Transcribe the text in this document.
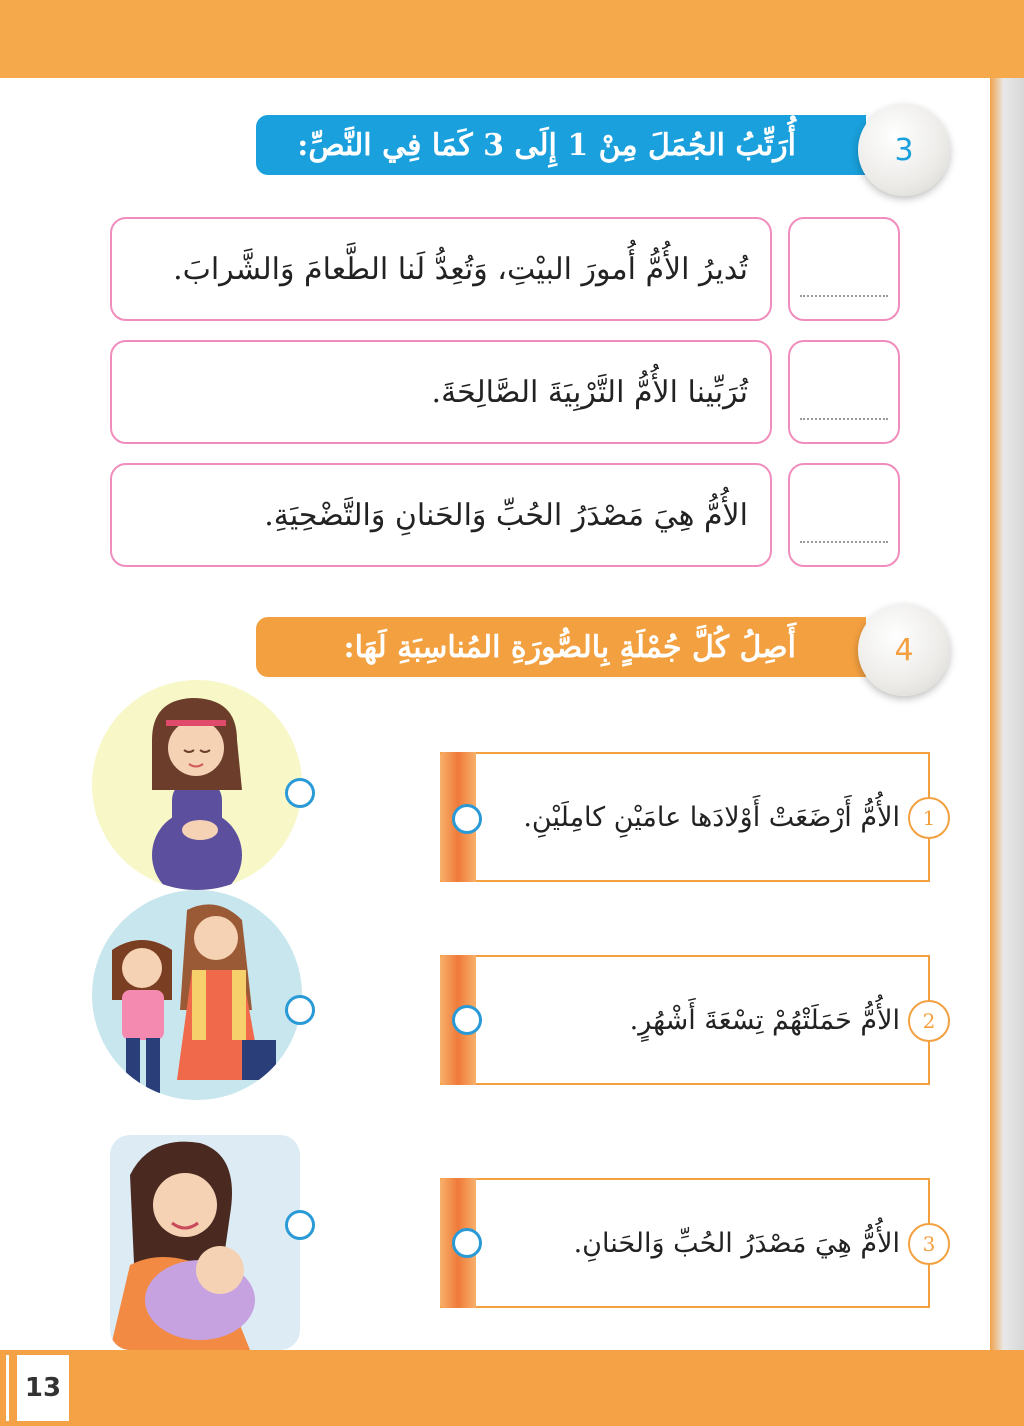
13
أُرَتِّبُ الجُمَلَ مِنْ 1 إِلَى 3 كَمَا فِي النَّصِّ:	3
تُديرُ الأُمُّ أُمورَ البيْتِ، وَتُعِدُّ لَنا الطَّعامَ وَالشَّرابَ.
تُرَبِّينا الأُمُّ التَّرْبِيَةَ الصَّالِحَةَ.
الأُمُّ هِيَ مَصْدَرُ الحُبِّ وَالحَنانِ وَالتَّضْحِيَةِ.
أَصِلُ كُلَّ جُمْلَةٍ بِالصُّورَةِ المُناسِبَةِ لَهَا:	4
الأُمُّ أَرْضَعَتْ أَوْلادَها عامَيْنِ كامِلَيْنِ.	1
الأُمُّ حَمَلَتْهُمْ تِسْعَةَ أَشْهُرٍ.	2
الأُمُّ هِيَ مَصْدَرُ الحُبِّ وَالحَنانِ.	3
